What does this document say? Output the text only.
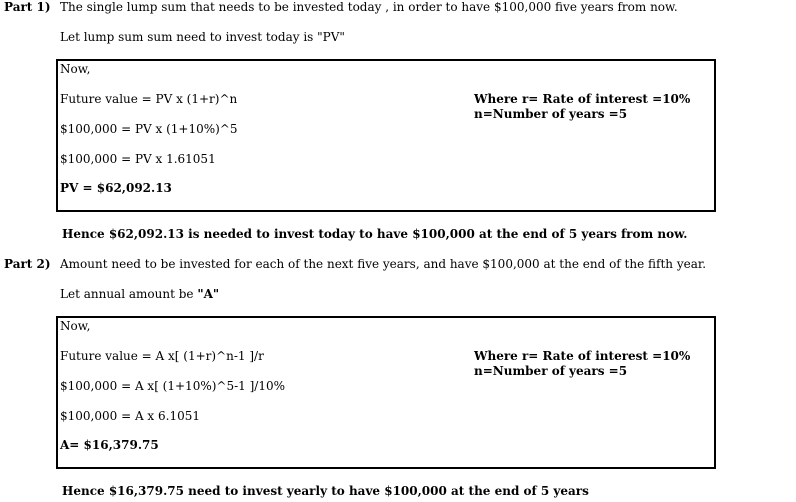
Part 1) The single lump sum that needs to be invested today , in order to have $100,000 five years from now.
Let lump sum sum need to invest today is "PV"
Now,
Future value = PV x (1+r)^n
$100,000 = PV x (1+10%)^5
$100,000 = PV x 1.61051
PV = $62,092.13
Where r= Rate of interest =10%
n=Number of years =5
Hence $62,092.13 is needed to invest today to have $100,000 at the end of 5 years from now.
Part 2) Amount need to be invested for each of the next five years, and have $100,000 at the end of the fifth year.
Let annual amount be "A"
Now,
Future value = A x[ (1+r)^n-1 ]/r
$100,000 = A x[ (1+10%)^5-1 ]/10%
$100,000 = A x 6.1051
A= $16,379.75
Where r= Rate of interest =10%
n=Number of years =5
Hence $16,379.75 need to invest yearly to have $100,000 at the end of 5 years
